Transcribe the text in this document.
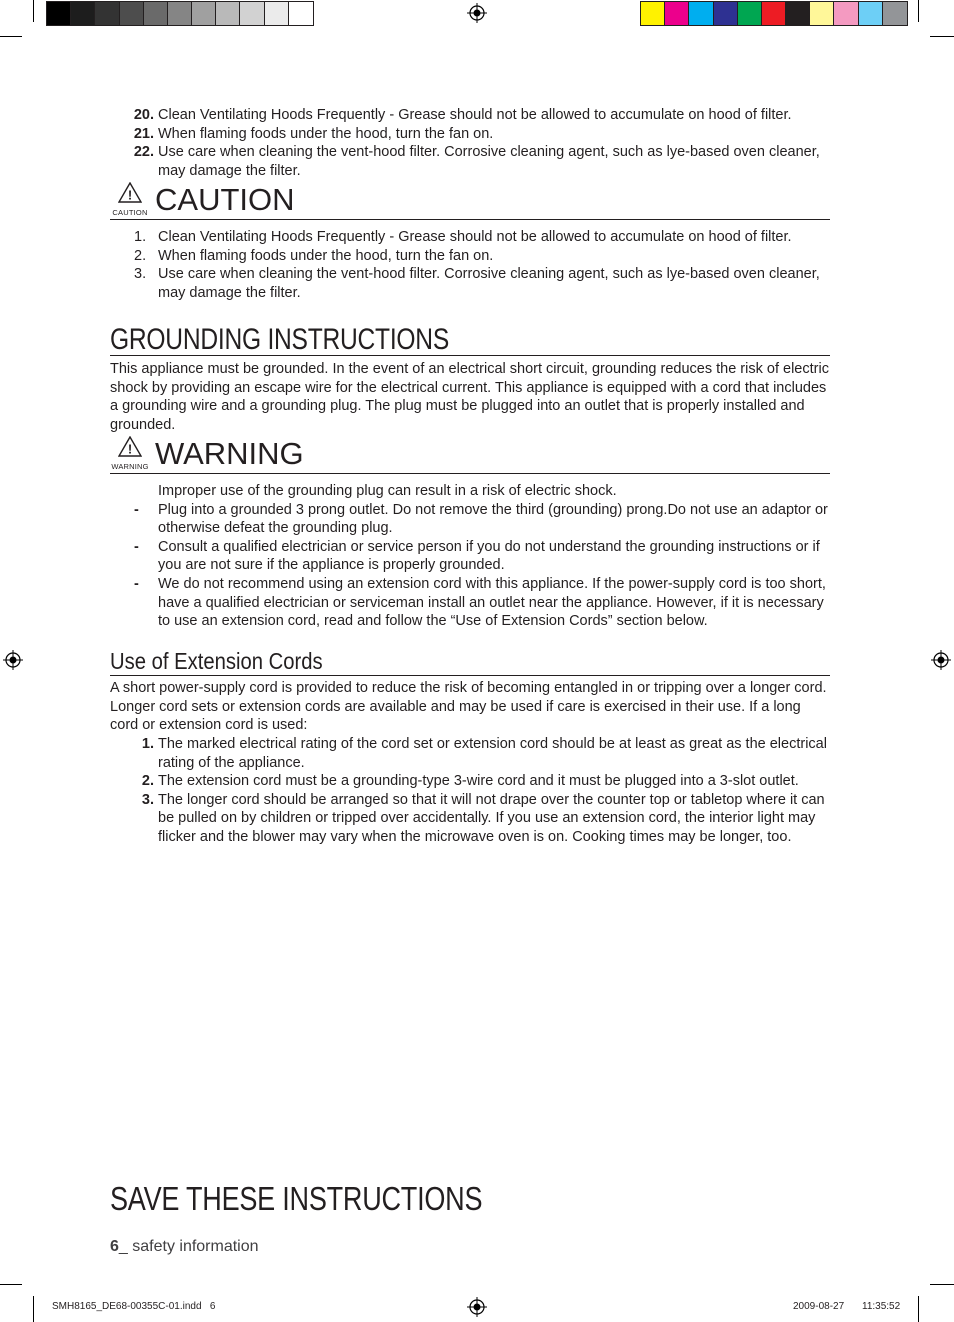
20. Clean Ventilating Hoods Frequently - Grease should not be allowed to accumulate on hood of filter.
21. When flaming foods under the hood, turn the fan on.
22. Use care when cleaning the vent-hood filter. Corrosive cleaning agent, such as lye-based oven cleaner, may damage the filter.
!
CAUTION CAUTION
1. Clean Ventilating Hoods Frequently - Grease should not be allowed to accumulate on hood of filter.
2. When flaming foods under the hood, turn the fan on.
3. Use care when cleaning the vent-hood filter. Corrosive cleaning agent, such as lye-based oven cleaner, may damage the filter.
GROUNDING INSTRUCTIONS
This appliance must be grounded. In the event of an electrical short circuit, grounding reduces the risk of electric shock by providing an escape wire for the electrical current. This appliance is equipped with a cord that includes a grounding wire and a grounding plug. The plug must be plugged into an outlet that is properly installed and grounded.
!
WARNING WARNING
Improper use of the grounding plug can result in a risk of electric shock.
-	Plug into a grounded 3 prong outlet. Do not remove the third (grounding) prong.Do not use an adaptor or otherwise defeat the grounding plug.
-	Consult a qualified electrician or service person if you do not understand the grounding instructions or if you are not sure if the appliance is properly grounded.
-	We do not recommend using an extension cord with this appliance. If the power-supply cord is too short, have a qualified electrician or serviceman install an outlet near the appliance. However, if it is necessary to use an extension cord, read and follow the “Use of Extension Cords” section below.
Use of Extension Cords
A short power-supply cord is provided to reduce the risk of becoming entangled in or tripping over a longer cord. Longer cord sets or extension cords are available and may be used if care is exercised in their use. If a long cord or extension cord is used:
1. The marked electrical rating of the cord set or extension cord should be at least as great as the electrical rating of the appliance.
2. The extension cord must be a grounding-type 3-wire cord and it must be plugged into a 3-slot outlet.
3. The longer cord should be arranged so that it will not drape over the counter top or tabletop where it can be pulled on by children or tripped over accidentally. If you use an extension cord, the interior light may flicker and the blower may vary when the microwave oven is on. Cooking times may be longer, too.
SAVE THESE INSTRUCTIONS
6_ safety information
SMH8165_DE68-00355C-01.indd   6	2009-08-27 11:35:52
